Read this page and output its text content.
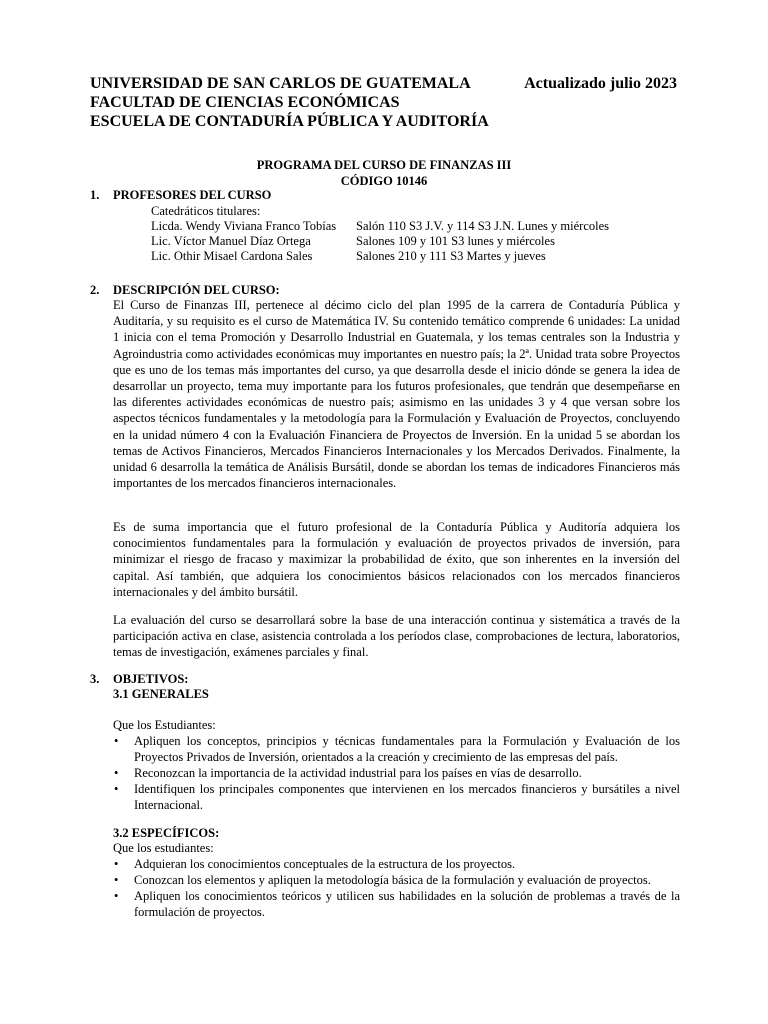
UNIVERSIDAD DE SAN CARLOS DE GUATEMALA	Actualizado julio 2023
FACULTAD DE CIENCIAS ECONÓMICAS
ESCUELA DE CONTADURÍA PÚBLICA Y AUDITORÍA
PROGRAMA DEL CURSO DE FINANZAS III
CÓDIGO 10146
1. PROFESORES DEL CURSO
Catedráticos titulares:
Licda. Wendy Viviana Franco Tobías Salón 110 S3 J.V. y 114 S3 J.N. Lunes y miércoles
Lic. Víctor Manuel Díaz Ortega	Salones 109 y 101 S3 lunes y miércoles
Lic. Othir Misael Cardona Sales	Salones 210 y 111 S3 Martes y jueves
2. DESCRIPCIÓN DEL CURSO:
El Curso de Finanzas III, pertenece al décimo ciclo del plan 1995 de la carrera de Contaduría Pública y Auditaría, y su requisito es el curso de Matemática IV. Su contenido temático comprende 6 unidades: La unidad 1 inicia con el tema Promoción y Desarrollo Industrial en Guatemala, y los temas centrales son la Industria y Agroindustria como actividades económicas muy importantes en nuestro país; la 2ª. Unidad trata sobre Proyectos que es uno de los temas más importantes del curso, ya que desarrolla desde el inicio dónde se genera la idea de desarrollar un proyecto, tema muy importante para los futuros profesionales, que tendrán que desempeñarse en las diferentes actividades económicas de nuestro país; asimismo en las unidades 3 y 4 que versan sobre los aspectos técnicos fundamentales y la metodología para la Formulación y Evaluación de Proyectos, concluyendo en la unidad número 4 con la Evaluación Financiera de Proyectos de Inversión. En la unidad 5 se abordan los temas de Activos Financieros, Mercados Financieros Internacionales y los Mercados Derivados. Finalmente, la unidad 6 desarrolla la temática de Análisis Bursátil, donde se abordan los temas de indicadores Financieros más importantes de los mercados financieros internacionales.
Es de suma importancia que el futuro profesional de la Contaduría Pública y Auditoría adquiera los conocimientos fundamentales para la formulación y evaluación de proyectos privados de inversión, para minimizar el riesgo de fracaso y maximizar la probabilidad de éxito, que son inherentes en la inversión del capital. Así también, que adquiera los conocimientos básicos relacionados con los mercados financieros internacionales y del ámbito bursátil.
La evaluación del curso se desarrollará sobre la base de una interacción continua y sistemática a través de la participación activa en clase, asistencia controlada a los períodos clase, comprobaciones de lectura, laboratorios, temas de investigación, exámenes parciales y final.
3. OBJETIVOS:
3.1 GENERALES
Que los Estudiantes:
• Apliquen los conceptos, principios y técnicas fundamentales para la Formulación y Evaluación de los Proyectos Privados de Inversión, orientados a la creación y crecimiento de las empresas del país.
• Reconozcan la importancia de la actividad industrial para los países en vías de desarrollo.
• Identifiquen los principales componentes que intervienen en los mercados financieros y bursátiles a nivel Internacional.
3.2 ESPECÍFICOS:
Que los estudiantes:
• Adquieran los conocimientos conceptuales de la estructura de los proyectos.
• Conozcan los elementos y apliquen la metodología básica de la formulación y evaluación de proyectos.
• Apliquen los conocimientos teóricos y utilicen sus habilidades en la solución de problemas a través de la formulación de proyectos.
